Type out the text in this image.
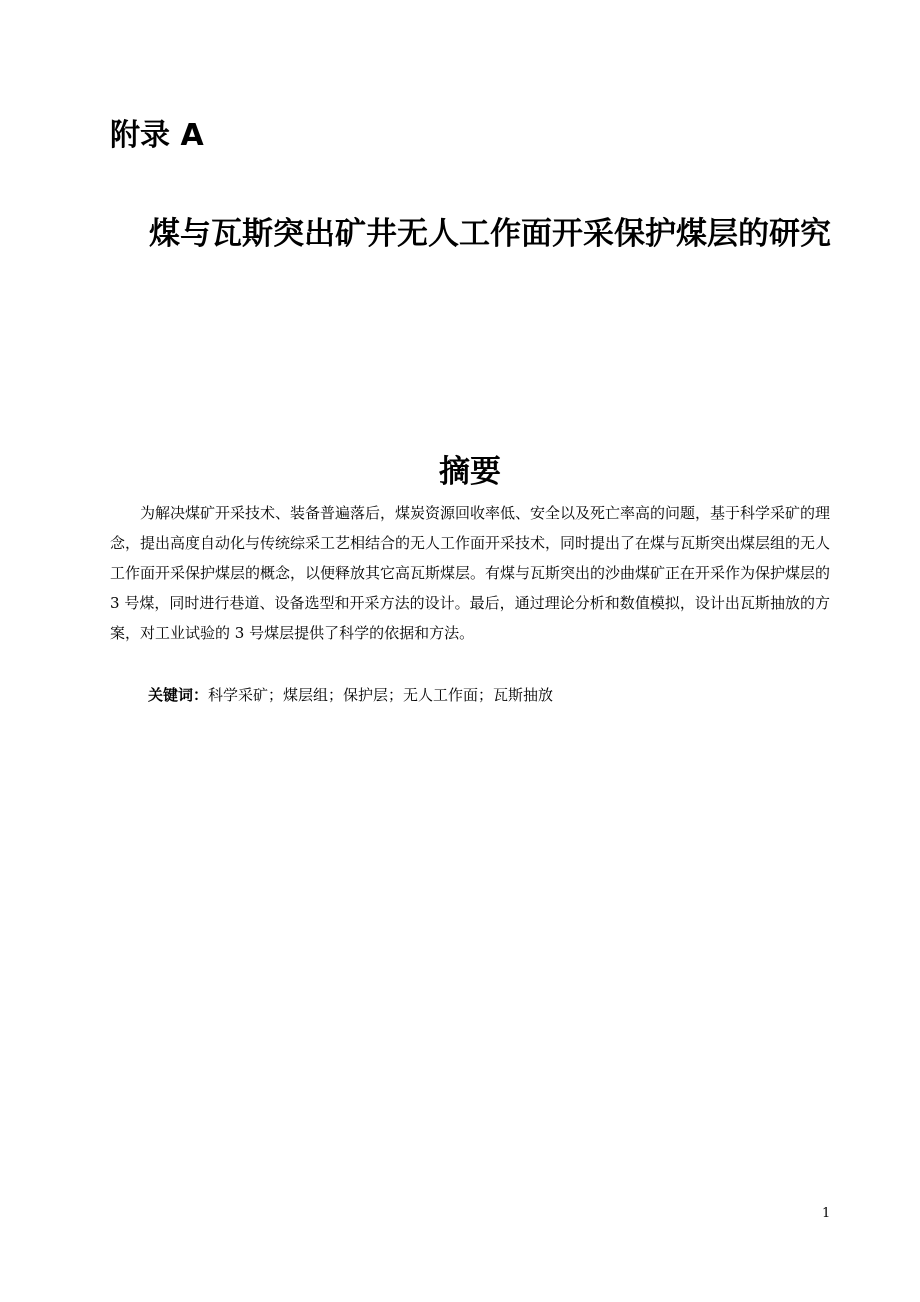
附录 A
煤与瓦斯突出矿井无人工作面开采保护煤层的研究
摘要
为解决煤矿开采技术、装备普遍落后，煤炭资源回收率低、安全以及死亡率高的问题，基于科学采矿的理念，提出高度自动化与传统综采工艺相结合的无人工作面开采技术，同时提出了在煤与瓦斯突出煤层组的无人工作面开采保护煤层的概念，以便释放其它高瓦斯煤层。有煤与瓦斯突出的沙曲煤矿正在开采作为保护煤层的 3 号煤，同时进行巷道、设备选型和开采方法的设计。最后，通过理论分析和数值模拟，设计出瓦斯抽放的方案，对工业试验的 3 号煤层提供了科学的依据和方法。
关键词：科学采矿；煤层组；保护层；无人工作面；瓦斯抽放
1
